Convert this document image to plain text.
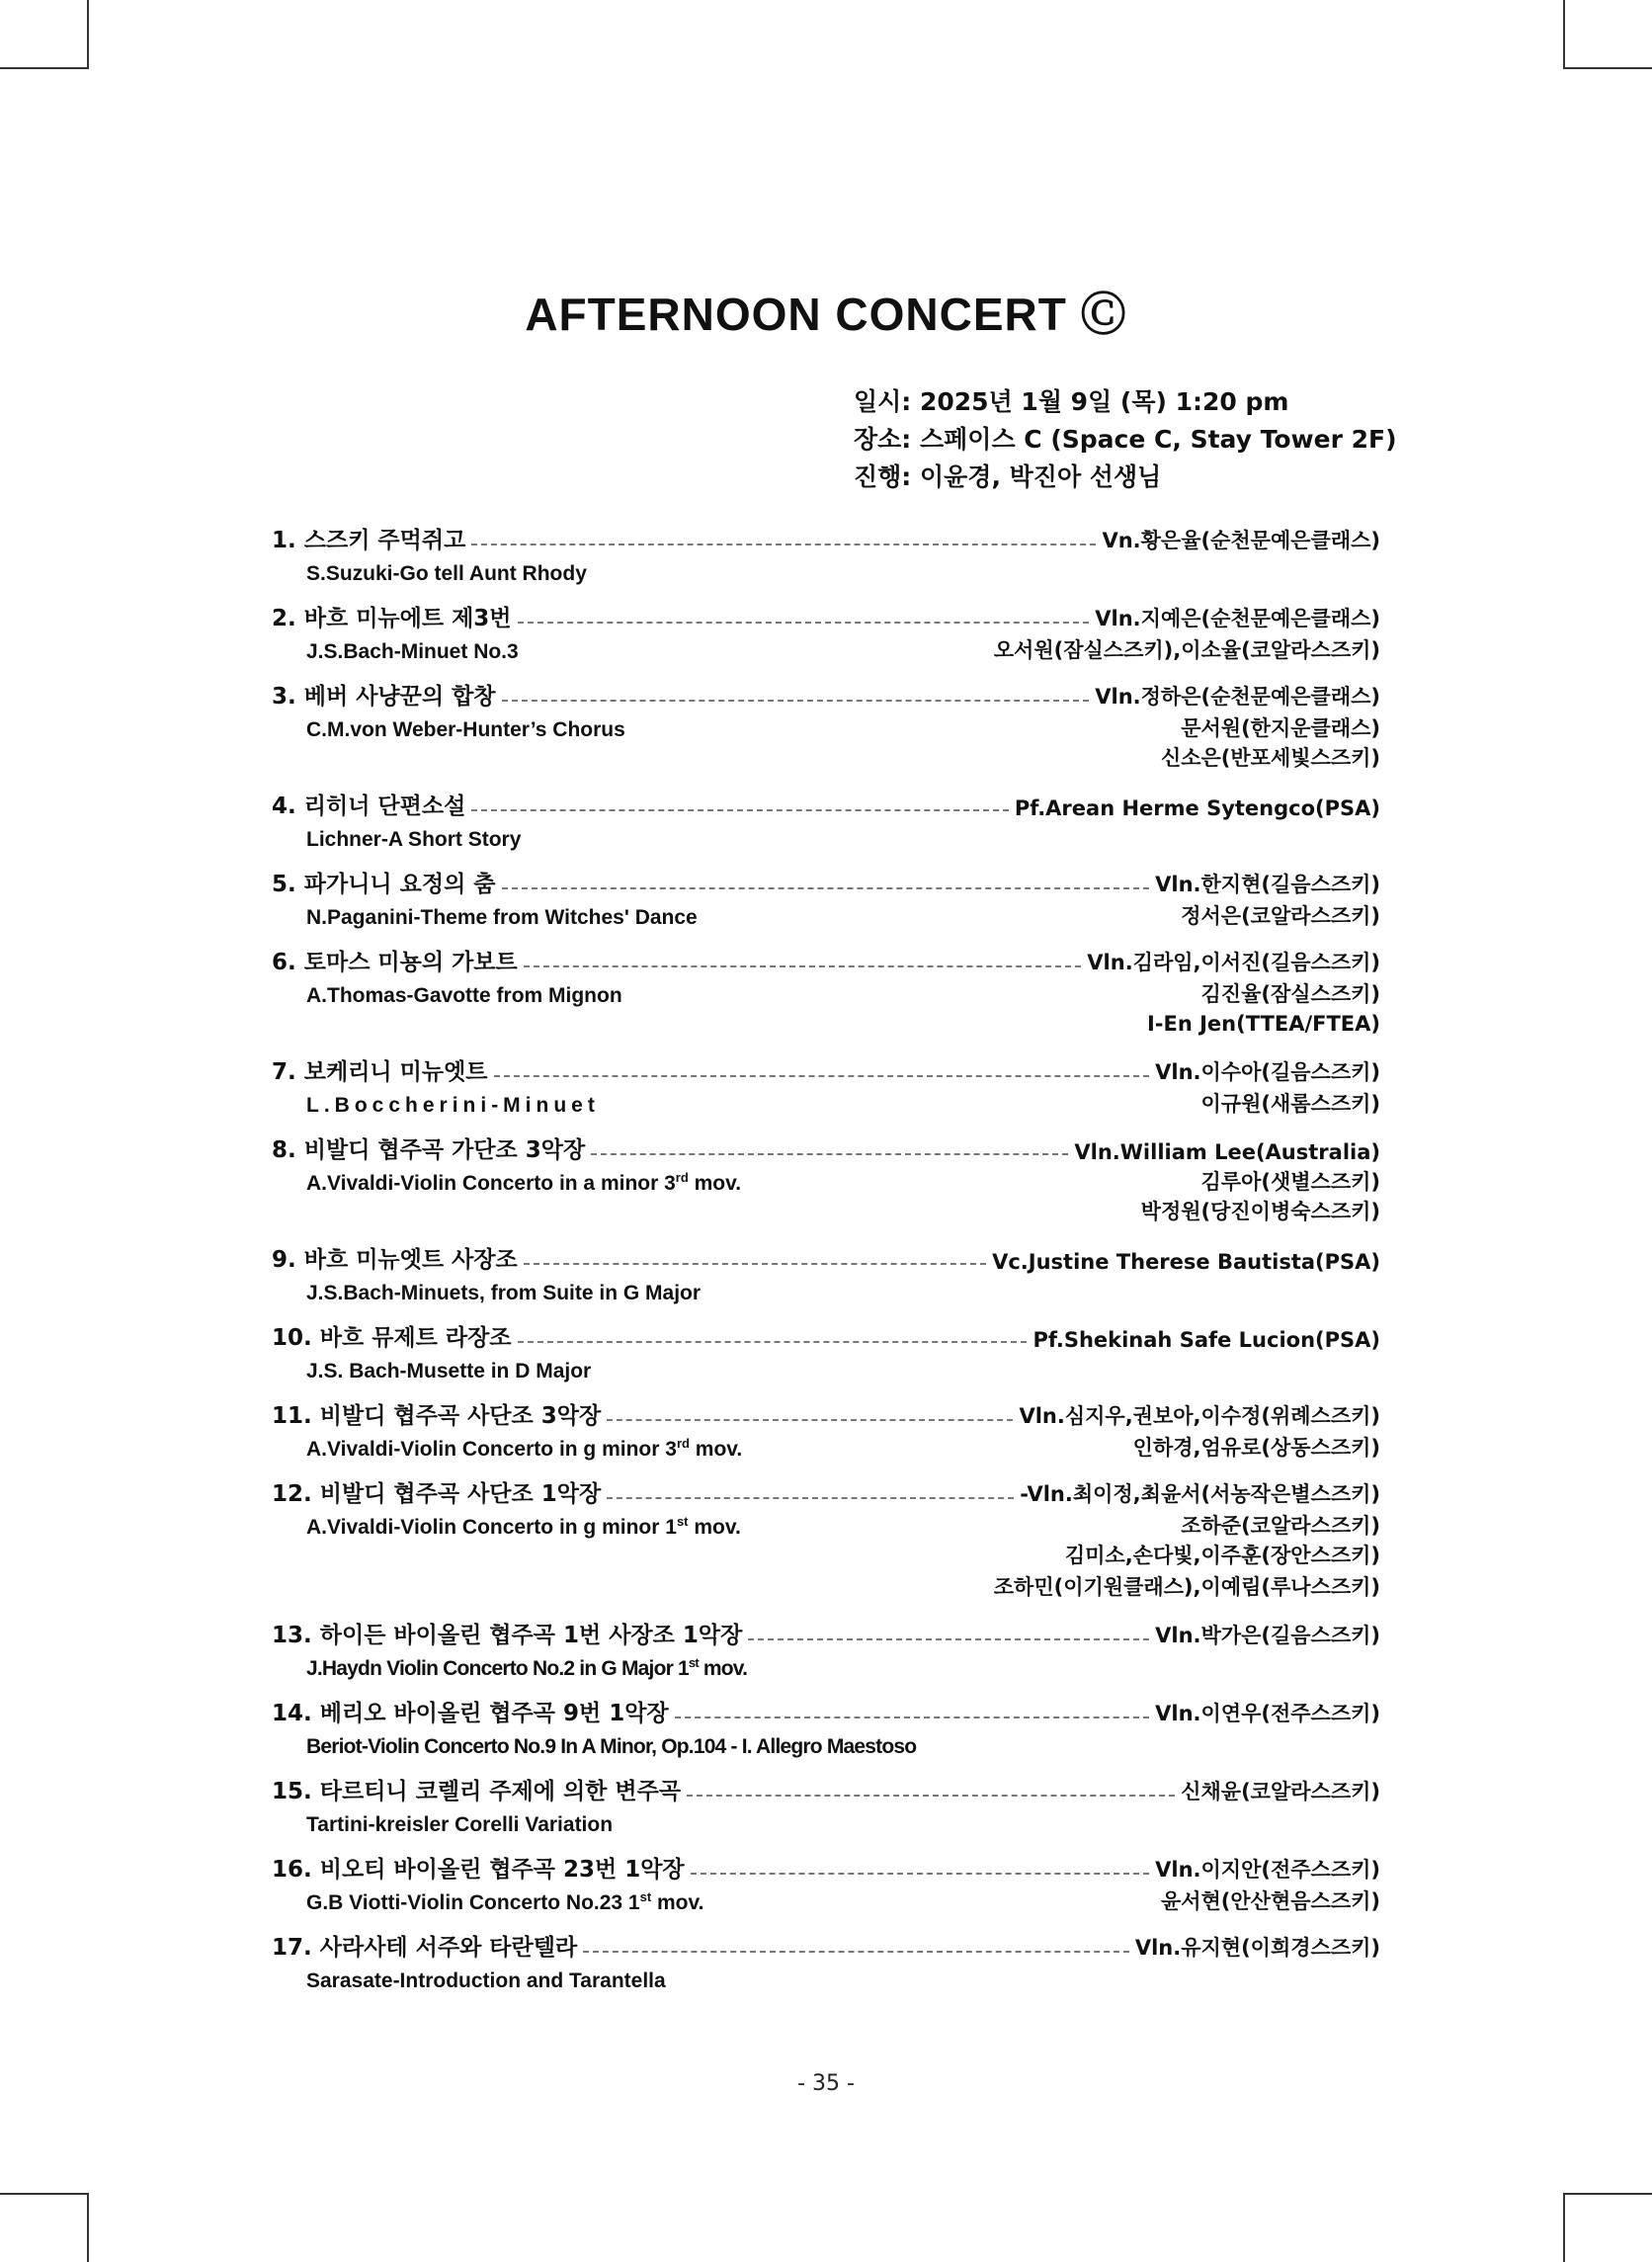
AFTERNOON CONCERT Ⓒ
일시: 2025년 1월 9일 (목) 1:20 pm
장소: 스페이스 C (Space C, Stay Tower 2F)
진행: 이윤경, 박진아 선생님
1. 스즈키 주먹쥐고	Vn.황은율(순천문예은클래스)
S.Suzuki-Go tell Aunt Rhody
2. 바흐 미뉴에트 제3번	Vln.지예은(순천문예은클래스)
J.S.Bach-Minuet No.3	오서원(잠실스즈키),이소율(코알라스즈키)
3. 베버 사냥꾼의 합창	Vln.정하은(순천문예은클래스)
C.M.von Weber-Hunter’s Chorus	문서원(한지운클래스)
신소은(반포세빛스즈키)
4. 리히너 단편소설	Pf.Arean Herme Sytengco(PSA)
Lichner-A Short Story
5. 파가니니 요정의 춤	Vln.한지현(길음스즈키)
N.Paganini-Theme from Witches' Dance	정서은(코알라스즈키)
6. 토마스 미뇽의 가보트	Vln.김라임,이서진(길음스즈키)
A.Thomas-Gavotte from Mignon	김진율(잠실스즈키)
I-En Jen(TTEA/FTEA)
7. 보케리니 미뉴엣트	Vln.이수아(길음스즈키)
L.Boccherini-Minuet	이규원(새롬스즈키)
8. 비발디 협주곡 가단조 3악장	Vln.William Lee(Australia)
A.Vivaldi-Violin Concerto in a minor 3rd mov.	김루아(샛별스즈키)
박정원(당진이병숙스즈키)
9. 바흐 미뉴엣트 사장조	Vc.Justine Therese Bautista(PSA)
J.S.Bach-Minuets, from Suite in G Major
10. 바흐 뮤제트 라장조	Pf.Shekinah Safe Lucion(PSA)
J.S. Bach-Musette in D Major
11. 비발디 협주곡 사단조 3악장	Vln.심지우,권보아,이수정(위례스즈키)
A.Vivaldi-Violin Concerto in g minor 3rd mov.	인하경,엄유로(상동스즈키)
12. 비발디 협주곡 사단조 1악장	-Vln.최이정,최윤서(서농작은별스즈키)
A.Vivaldi-Violin Concerto in g minor 1st mov.	조하준(코알라스즈키)
김미소,손다빛,이주훈(장안스즈키)
조하민(이기원클래스),이예림(루나스즈키)
13. 하이든 바이올린 협주곡 1번 사장조 1악장	Vln.박가은(길음스즈키)
J.Haydn Violin Concerto No.2 in G Major 1st mov.
14. 베리오 바이올린 협주곡 9번 1악장	Vln.이연우(전주스즈키)
Beriot-Violin Concerto No.9 In A Minor, Op.104 - I. Allegro Maestoso
15. 타르티니 코렐리 주제에 의한 변주곡	신채윤(코알라스즈키)
Tartini-kreisler Corelli Variation
16. 비오티 바이올린 협주곡 23번 1악장	Vln.이지안(전주스즈키)
G.B Viotti-Violin Concerto No.23 1st mov.	윤서현(안산현음스즈키)
17. 사라사테 서주와 타란텔라	Vln.유지현(이희경스즈키)
Sarasate-Introduction and Tarantella
- 35 -
